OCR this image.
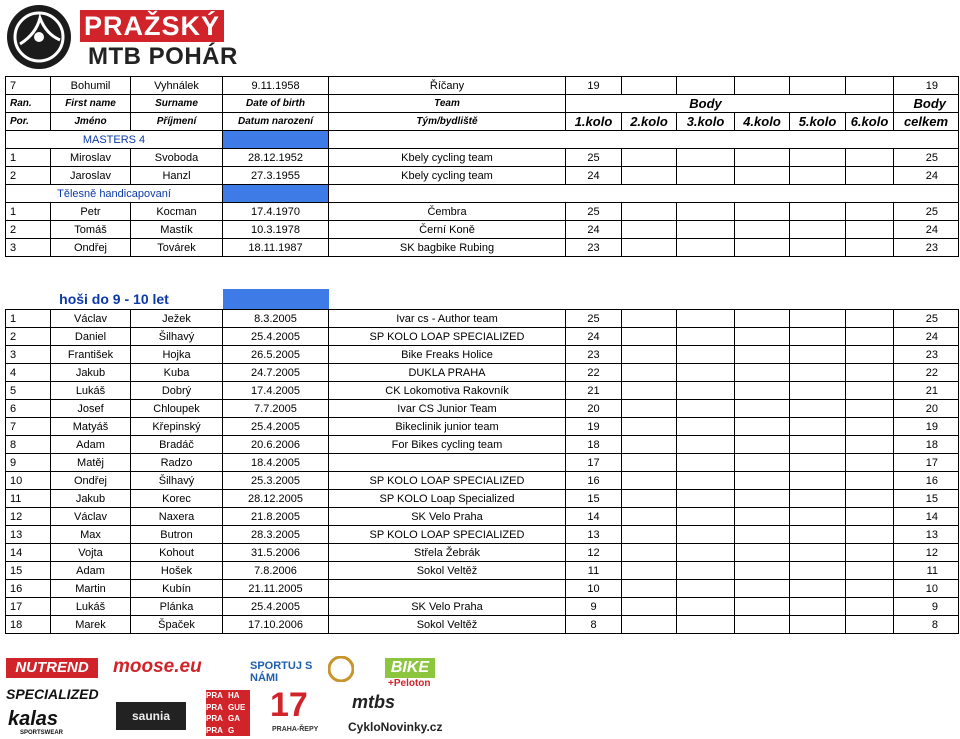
PRAŽSKÝ
MTB POHÁR
7	Bohumil	Vyhnálek	9.11.1958	Říčany	19						19
Ran.	First name	Surname	Date of birth	Team			Body				Body
Por.	Jméno	Příjmení	Datum narození	Tým/bydliště	1.kolo	2.kolo	3.kolo	4.kolo	5.kolo	6.kolo	celkem
MASTERS 4											
1	Miroslav	Svoboda	28.12.1952	Kbely cycling team	25						25
2	Jaroslav	Hanzl	27.3.1955	Kbely cycling team	24						24
Tělesně handicapovaní											
1	Petr	Kocman	17.4.1970	Čembra	25						25
2	Tomáš	Mastík	10.3.1978	Černí Koně	24						24
3	Ondřej	Továrek	18.11.1987	SK bagbike Rubing	23						23

hoši do 9 - 10 let											
1	Václav	Ježek	8.3.2005	Ivar cs - Author team	25						25
2	Daniel	Šilhavý	25.4.2005	SP KOLO LOAP SPECIALIZED	24						24
3	František	Hojka	26.5.2005	Bike Freaks Holice	23						23
4	Jakub	Kuba	24.7.2005	DUKLA PRAHA	22						22
5	Lukáš	Dobrý	17.4.2005	CK Lokomotiva Rakovník	21						21
6	Josef	Chloupek	7.7.2005	Ivar CS Junior Team	20						20
7	Matyáš	Křepinský	25.4.2005	Bikeclinik junior team	19						19
8	Adam	Bradáč	20.6.2006	For Bikes cycling team	18						18
9	Matěj	Radzo	18.4.2005		17						17
10	Ondřej	Šilhavý	25.3.2005	SP KOLO LOAP SPECIALIZED	16						16
11	Jakub	Korec	28.12.2005	SP KOLO Loap Specialized	15						15
12	Václav	Naxera	21.8.2005	SK Velo Praha	14						14
13	Max	Butron	28.3.2005	SP KOLO LOAP SPECIALIZED	13						13
14	Vojta	Kohout	31.5.2006	Střela Žebrák	12						12
15	Adam	Hošek	7.8.2006	Sokol Veltěž	11						11
16	Martin	Kubín	21.11.2005		10						10
17	Lukáš	Plánka	25.4.2005	SK Velo Praha	9						9
18	Marek	Špaček	17.10.2006	Sokol Veltěž	8						8
NUTREND	moose.eu	SPORTUJ S NÁMI
BIKE
+Peloton
SPECIALIZED
kalas
SPORTSWEAR
saunia
PRA HA
PRA GUE
PRA GA
PRA G
17
PRAHA-ŘEPY
mtbs
CykloNovinky.cz
